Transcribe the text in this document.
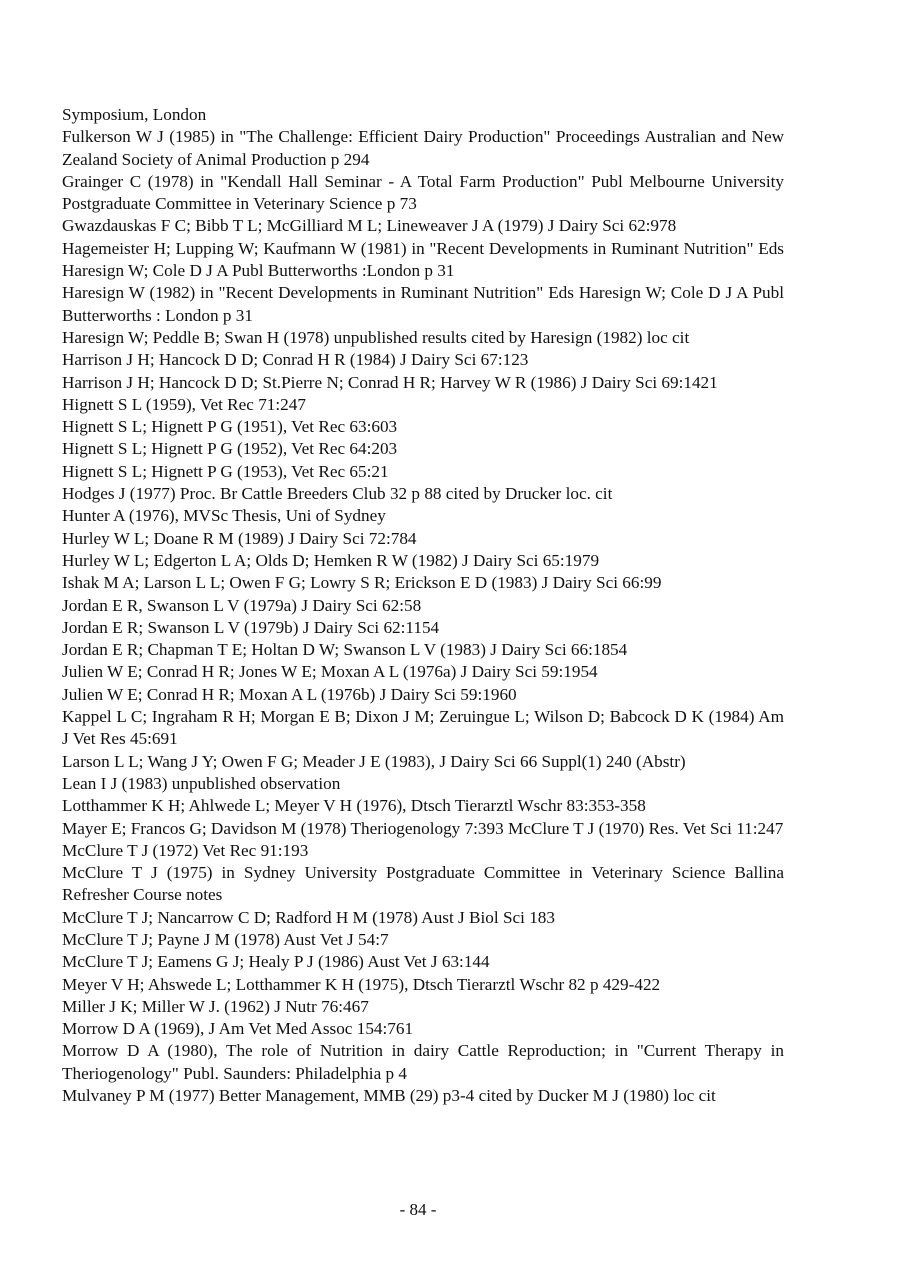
Symposium, London
Fulkerson W J (1985) in "The Challenge: Efficient Dairy Production" Proceedings Australian and New Zealand Society of Animal Production p 294
Grainger C (1978) in "Kendall Hall Seminar - A Total Farm Production" Publ Melbourne University Postgraduate Committee in Veterinary Science p 73
Gwazdauskas F C; Bibb T L; McGilliard M L; Lineweaver J A (1979) J Dairy Sci 62:978
Hagemeister H; Lupping W; Kaufmann W (1981) in "Recent Developments in Ruminant Nutrition" Eds Haresign W; Cole D J A Publ Butterworths :London p 31
Haresign W (1982) in "Recent Developments in Ruminant Nutrition" Eds Haresign W; Cole D J A Publ Butterworths : London p 31
Haresign W; Peddle B; Swan H (1978) unpublished results cited by Haresign (1982) loc cit
Harrison J H; Hancock D D; Conrad H R (1984) J Dairy Sci 67:123
Harrison J H; Hancock D D; St.Pierre N; Conrad H R; Harvey W R (1986) J Dairy Sci 69:1421
Hignett S L (1959), Vet Rec 71:247
Hignett S L; Hignett P G (1951), Vet Rec 63:603
Hignett S L; Hignett P G (1952), Vet Rec 64:203
Hignett S L; Hignett P G (1953), Vet Rec 65:21
Hodges J (1977) Proc. Br Cattle Breeders Club 32 p 88 cited by Drucker loc. cit
Hunter A (1976), MVSc Thesis, Uni of Sydney
Hurley W L; Doane R M (1989) J Dairy Sci 72:784
Hurley W L; Edgerton L A; Olds D; Hemken R W (1982) J Dairy Sci 65:1979
Ishak M A; Larson L L; Owen F G; Lowry S R; Erickson E D (1983) J Dairy Sci 66:99
Jordan E R, Swanson L V (1979a) J Dairy Sci 62:58
Jordan E R; Swanson L V (1979b) J Dairy Sci 62:1154
Jordan E R; Chapman T E; Holtan D W; Swanson L V (1983) J Dairy Sci 66:1854
Julien W E; Conrad H R; Jones W E; Moxan A L (1976a) J Dairy Sci 59:1954
Julien W E; Conrad H R; Moxan A L (1976b) J Dairy Sci 59:1960
Kappel L C; Ingraham R H; Morgan E B; Dixon J M; Zeruingue L; Wilson D; Babcock D K (1984) Am J Vet Res 45:691
Larson L L; Wang J Y; Owen F G; Meader J E (1983), J Dairy Sci 66 Suppl(1) 240 (Abstr)
Lean I J (1983) unpublished observation
Lotthammer K H; Ahlwede L; Meyer V H (1976), Dtsch Tierarztl Wschr 83:353-358
Mayer E; Francos G; Davidson M (1978) Theriogenology 7:393 McClure T J (1970) Res. Vet Sci 11:247
McClure T J (1972) Vet Rec 91:193
McClure T J (1975) in Sydney University Postgraduate Committee in Veterinary Science Ballina Refresher Course notes
McClure T J; Nancarrow C D; Radford H M (1978) Aust J Biol Sci 183
McClure T J; Payne J M (1978) Aust Vet J 54:7
McClure T J; Eamens G J; Healy P J (1986) Aust Vet J 63:144
Meyer V H; Ahswede L; Lotthammer K H (1975), Dtsch Tierarztl Wschr 82 p 429-422
Miller J K; Miller W J. (1962) J Nutr 76:467
Morrow D A (1969), J Am Vet Med Assoc 154:761
Morrow D A (1980), The role of Nutrition in dairy Cattle Reproduction; in "Current Therapy in Theriogenology" Publ. Saunders: Philadelphia p 4
Mulvaney P M (1977) Better Management, MMB (29) p3-4 cited by Ducker M J (1980) loc cit
- 84 -
